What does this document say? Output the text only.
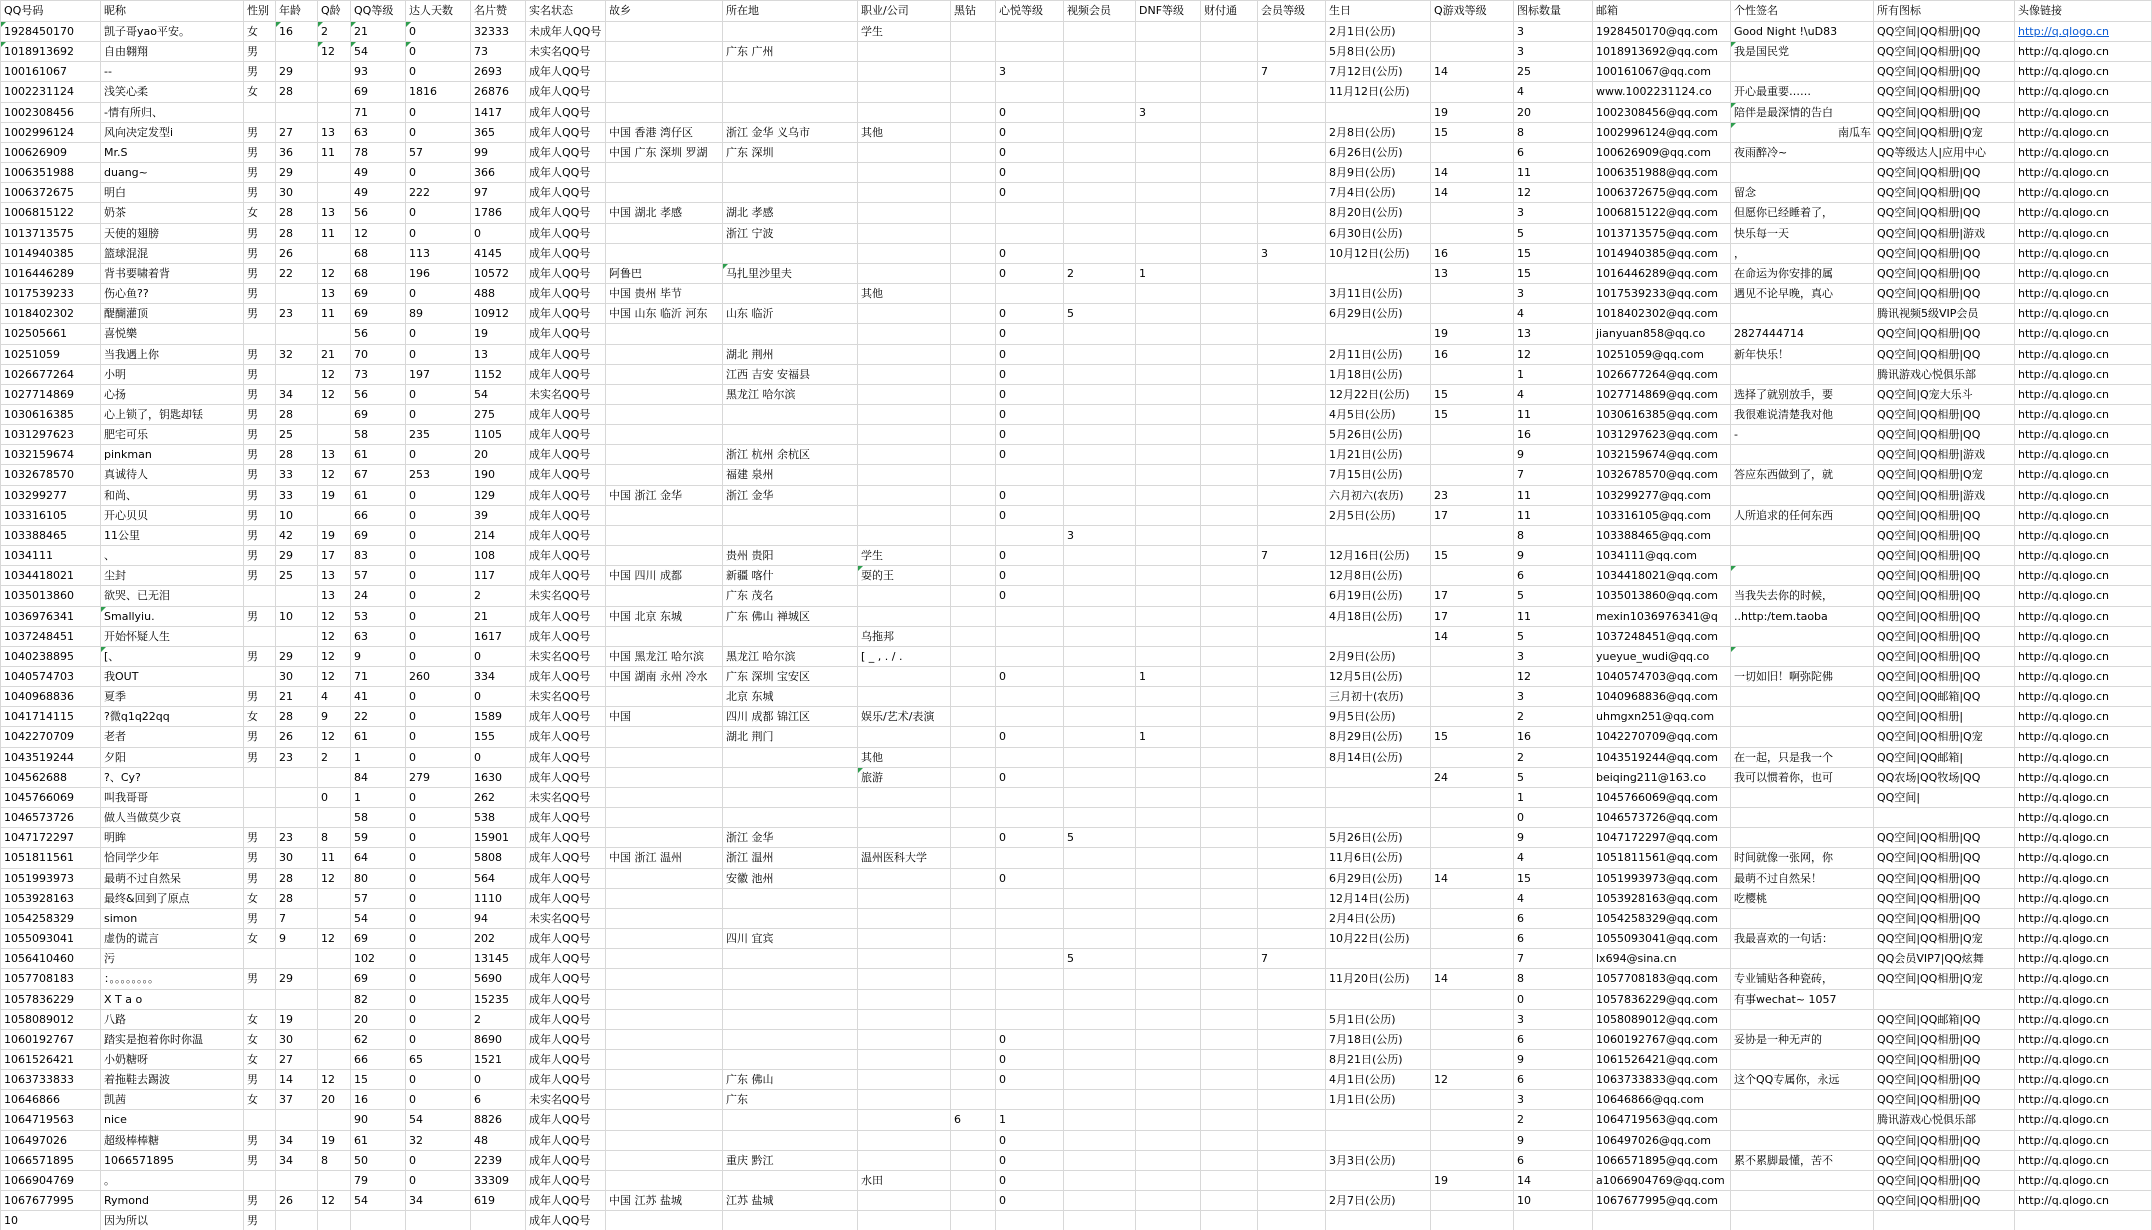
QQ号码	昵称	性别	年龄	Q龄	QQ等级	达人天数	名片赞	实名状态	故乡	所在地	职业/公司	黑钻	心悦等级	视频会员	DNF等级	财付通	会员等级	生日	Q游戏等级	图标数量	邮箱	个性签名	所有图标	头像链接
1928450170	凯子哥yao平安。	女	16	2	21	0	32333	未成年人QQ号			学生							2月1日(公历)		3	1928450170@qq.com	Good Night !\uD83	QQ空间|QQ相册|QQ	http://q.qlogo.cn
1018913692	自由翱翔	男		12	54	0	73	未实名QQ号		广东 广州								5月8日(公历)		3	1018913692@qq.com	我是国民党	QQ空间|QQ相册|QQ	http://q.qlogo.cn
100161067	--	男	29		93	0	2693	成年人QQ号					3				7	7月12日(公历)	14	25	100161067@qq.com		QQ空间|QQ相册|QQ	http://q.qlogo.cn
1002231124	浅笑心柔	女	28		69	1816	26876	成年人QQ号										11月12日(公历)		4	www.1002231124.co	开心最重要……	QQ空间|QQ相册|QQ	http://q.qlogo.cn
1002308456	-情有所归、				71	0	1417	成年人QQ号					0		3				19	20	1002308456@qq.com	陪伴是最深情的告白	QQ空间|QQ相册|QQ	http://q.qlogo.cn
1002996124	风向决定发型i	男	27	13	63	0	365	成年人QQ号	中国 香港 湾仔区	浙江 金华 义乌市	其他		0					2月8日(公历)	15	8	1002996124@qq.com	南瓜车	QQ空间|QQ相册|Q宠	http://q.qlogo.cn
100626909	Mr.S	男	36	11	78	57	99	成年人QQ号	中国 广东 深圳 罗湖	广东 深圳			0					6月26日(公历)		6	100626909@qq.com	夜雨醉冷~	QQ等级达人|应用中心	http://q.qlogo.cn
1006351988	duang~	男	29		49	0	366	成年人QQ号					0					8月9日(公历)	14	11	1006351988@qq.com		QQ空间|QQ相册|QQ	http://q.qlogo.cn
1006372675	明白	男	30		49	222	97	成年人QQ号					0					7月4日(公历)	14	12	1006372675@qq.com	留念	QQ空间|QQ相册|QQ	http://q.qlogo.cn
1006815122	奶茶	女	28	13	56	0	1786	成年人QQ号	中国 湖北 孝感	湖北 孝感								8月20日(公历)		3	1006815122@qq.com	但愿你已经睡着了，	QQ空间|QQ相册|QQ	http://q.qlogo.cn
1013713575	天使的翅膀	男	28	11	12	0	0	成年人QQ号		浙江 宁波								6月30日(公历)		5	1013713575@qq.com	快乐每一天	QQ空间|QQ相册|游戏	http://q.qlogo.cn
1014940385	篮球混混	男	26		68	113	4145	成年人QQ号					0				3	10月12日(公历)	16	15	1014940385@qq.com	，	QQ空间|QQ相册|QQ	http://q.qlogo.cn
1016446289	背书要啸着背	男	22	12	68	196	10572	成年人QQ号	阿鲁巴	马扎里沙里夫			0	2	1				13	15	1016446289@qq.com	在命运为你安排的属	QQ空间|QQ相册|QQ	http://q.qlogo.cn
1017539233	伤心鱼??	男		13	69	0	488	成年人QQ号	中国 贵州 毕节		其他							3月11日(公历)		3	1017539233@qq.com	遇见不论早晚，真心	QQ空间|QQ相册|QQ	http://q.qlogo.cn
1018402302	醍醐灌顶	男	23	11	69	89	10912	成年人QQ号	中国 山东 临沂 河东	山东 临沂			0	5				6月29日(公历)		4	1018402302@qq.com		腾讯视频5级VIP会员	http://q.qlogo.cn
102505661	喜悦樂				56	0	19	成年人QQ号					0						19	13	jianyuan858@qq.co	2827444714	QQ空间|QQ相册|QQ	http://q.qlogo.cn
10251059	当我遇上你	男	32	21	70	0	13	成年人QQ号		湖北 荆州			0					2月11日(公历)	16	12	10251059@qq.com	新年快乐！	QQ空间|QQ相册|QQ	http://q.qlogo.cn
1026677264	小明	男		12	73	197	1152	成年人QQ号		江西 吉安 安福县			0					1月18日(公历)		1	1026677264@qq.com		腾讯游戏心悦俱乐部	http://q.qlogo.cn
1027714869	心扬	男	34	12	56	0	54	未实名QQ号		黑龙江 哈尔滨			0					12月22日(公历)	15	4	1027714869@qq.com	选择了就别放手，要	QQ空间|Q宠大乐斗	http://q.qlogo.cn
1030616385	心上锁了，钥匙却铥	男	28		69	0	275	成年人QQ号					0					4月5日(公历)	15	11	1030616385@qq.com	我很难说清楚我对他	QQ空间|QQ相册|QQ	http://q.qlogo.cn
1031297623	肥宅可乐	男	25		58	235	1105	成年人QQ号					0					5月26日(公历)		16	1031297623@qq.com	-	QQ空间|QQ相册|QQ	http://q.qlogo.cn
1032159674	pinkman	男	28	13	61	0	20	成年人QQ号		浙江 杭州 余杭区			0					1月21日(公历)		9	1032159674@qq.com		QQ空间|QQ相册|游戏	http://q.qlogo.cn
1032678570	真诚待人	男	33	12	67	253	190	成年人QQ号		福建 泉州								7月15日(公历)		7	1032678570@qq.com	答应东西做到了，就	QQ空间|QQ相册|Q宠	http://q.qlogo.cn
103299277	和尚、	男	33	19	61	0	129	成年人QQ号	中国 浙江 金华	浙江 金华			0					六月初六(农历)	23	11	103299277@qq.com		QQ空间|QQ相册|游戏	http://q.qlogo.cn
103316105	开心贝贝	男	10		66	0	39	成年人QQ号					0					2月5日(公历)	17	11	103316105@qq.com	人所追求的任何东西	QQ空间|QQ相册|QQ	http://q.qlogo.cn
103388465	11公里	男	42	19	69	0	214	成年人QQ号						3						8	103388465@qq.com		QQ空间|QQ相册|QQ	http://q.qlogo.cn
1034111	、	男	29	17	83	0	108	成年人QQ号		贵州 贵阳	学生		0				7	12月16日(公历)	15	9	1034111@qq.com		QQ空间|QQ相册|QQ	http://q.qlogo.cn
1034418021	尘封	男	25	13	57	0	117	成年人QQ号	中国 四川 成都	新疆 喀什	耍的王		0					12月8日(公历)		6	1034418021@qq.com		QQ空间|QQ相册|QQ	http://q.qlogo.cn
1035013860	欲哭、已无泪			13	24	0	2	未实名QQ号		广东 茂名			0					6月19日(公历)	17	5	1035013860@qq.com	当我失去你的时候，	QQ空间|QQ相册|QQ	http://q.qlogo.cn
1036976341	Smallyiu.	男	10	12	53	0	21	成年人QQ号	中国 北京 东城	广东 佛山 禅城区								4月18日(公历)	17	11	mexin1036976341@q	..http:/tem.taoba	QQ空间|QQ相册|QQ	http://q.qlogo.cn
1037248451	开始怀疑人生			12	63	0	1617	成年人QQ号			乌拖邦								14	5	1037248451@qq.com		QQ空间|QQ相册|QQ	http://q.qlogo.cn
1040238895	[、	男	29	12	9	0	0	未实名QQ号	中国 黑龙江 哈尔滨	黑龙江 哈尔滨	[ _ , . / .							2月9日(公历)		3	yueyue_wudi@qq.co		QQ空间|QQ相册|QQ	http://q.qlogo.cn
1040574703	我OUT		30	12	71	260	334	成年人QQ号	中国 湖南 永州 冷水	广东 深圳 宝安区			0		1			12月5日(公历)		12	1040574703@qq.com	一切如旧！啊弥陀佛	QQ空间|QQ相册|QQ	http://q.qlogo.cn
1040968836	夏季	男	21	4	41	0	0	未实名QQ号		北京 东城								三月初十(农历)		3	1040968836@qq.com		QQ空间|QQ邮箱|QQ	http://q.qlogo.cn
1041714115	?微q1q22qq	女	28	9	22	0	1589	成年人QQ号	中国	四川 成都 锦江区	娱乐/艺术/表演							9月5日(公历)		2	uhmgxn251@qq.com		QQ空间|QQ相册|	http://q.qlogo.cn
1042270709	老者	男	26	12	61	0	155	成年人QQ号		湖北 荆门			0		1			8月29日(公历)	15	16	1042270709@qq.com		QQ空间|QQ相册|Q宠	http://q.qlogo.cn
1043519244	夕阳	男	23	2	1	0	0	成年人QQ号			其他							8月14日(公历)		2	1043519244@qq.com	在一起，只是我一个	QQ空间|QQ邮箱|	http://q.qlogo.cn
104562688	?、Cy?				84	279	1630	成年人QQ号			旅游		0						24	5	beiqing211@163.co	我可以惯着你，也可	QQ农场|QQ牧场|QQ	http://q.qlogo.cn
1045766069	叫我哥哥			0	1	0	262	未实名QQ号												1	1045766069@qq.com		QQ空间|	http://q.qlogo.cn
1046573726	做人当做莫少哀				58	0	538	成年人QQ号												0	1046573726@qq.com			http://q.qlogo.cn
1047172297	明眸	男	23	8	59	0	15901	成年人QQ号		浙江 金华			0	5				5月26日(公历)		9	1047172297@qq.com		QQ空间|QQ相册|QQ	http://q.qlogo.cn
1051811561	恰同学少年	男	30	11	64	0	5808	成年人QQ号	中国 浙江 温州	浙江 温州	温州医科大学							11月6日(公历)		4	1051811561@qq.com	时间就像一张网，你	QQ空间|QQ相册|QQ	http://q.qlogo.cn
1051993973	最萌不过自然呆	男	28	12	80	0	564	成年人QQ号		安徽 池州			0					6月29日(公历)	14	15	1051993973@qq.com	最萌不过自然呆！	QQ空间|QQ相册|QQ	http://q.qlogo.cn
1053928163	最终&回到了原点	女	28		57	0	1110	成年人QQ号										12月14日(公历)		4	1053928163@qq.com	吃樱桃	QQ空间|QQ相册|QQ	http://q.qlogo.cn
1054258329	simon	男	7		54	0	94	未实名QQ号										2月4日(公历)		6	1054258329@qq.com		QQ空间|QQ相册|QQ	http://q.qlogo.cn
1055093041	虚伪的谎言	女	9	12	69	0	202	成年人QQ号		四川 宜宾								10月22日(公历)		6	1055093041@qq.com	我最喜欢的一句话：	QQ空间|QQ相册|Q宠	http://q.qlogo.cn
1056410460	污				102	0	13145	成年人QQ号						5			7			7	lx694@sina.cn		QQ会员VIP7|QQ炫舞	http://q.qlogo.cn
1057708183	：。。。。。。。。	男	29		69	0	5690	成年人QQ号										11月20日(公历)	14	8	1057708183@qq.com	专业铺贴各种瓷砖，	QQ空间|QQ相册|Q宠	http://q.qlogo.cn
1057836229	Х Т а o				82	0	15235	成年人QQ号												0	1057836229@qq.com	有事wechat~ 1057		http://q.qlogo.cn
1058089012	八路	女	19		20	0	2	成年人QQ号										5月1日(公历)		3	1058089012@qq.com		QQ空间|QQ邮箱|QQ	http://q.qlogo.cn
1060192767	踏实是抱着你时你温	女	30		62	0	8690	成年人QQ号					0					7月18日(公历)		6	1060192767@qq.com	妥协是一种无声的	QQ空间|QQ相册|QQ	http://q.qlogo.cn
1061526421	小奶糖呀	女	27		66	65	1521	成年人QQ号					0					8月21日(公历)		9	1061526421@qq.com		QQ空间|QQ相册|QQ	http://q.qlogo.cn
1063733833	着拖鞋去踢波	男	14	12	15	0	0	成年人QQ号		广东 佛山			0					4月1日(公历)	12	6	1063733833@qq.com	这个QQ专属你，永远	QQ空间|QQ相册|QQ	http://q.qlogo.cn
10646866	凯茜	女	37	20	16	0	6	未实名QQ号		广东								1月1日(公历)		3	10646866@qq.com		QQ空间|QQ相册|QQ	http://q.qlogo.cn
1064719563	nice				90	54	8826	成年人QQ号				6	1							2	1064719563@qq.com		腾讯游戏心悦俱乐部	http://q.qlogo.cn
106497026	超级棒棒糖	男	34	19	61	32	48	成年人QQ号					0							9	106497026@qq.com		QQ空间|QQ相册|QQ	http://q.qlogo.cn
1066571895	1066571895	男	34	8	50	0	2239	成年人QQ号		重庆 黔江			0					3月3日(公历)		6	1066571895@qq.com	累不累脚最懂，苦不	QQ空间|QQ相册|QQ	http://q.qlogo.cn
1066904769	。				79	0	33309	成年人QQ号			水田		0						19	14	a1066904769@qq.com		QQ空间|QQ相册|QQ	http://q.qlogo.cn
1067677995	Rymond	男	26	12	54	34	619	成年人QQ号	中国 江苏 盐城	江苏 盐城			0					2月7日(公历)		10	1067677995@qq.com		QQ空间|QQ相册|QQ	http://q.qlogo.cn
10	因为所以	男						成年人QQ号																
